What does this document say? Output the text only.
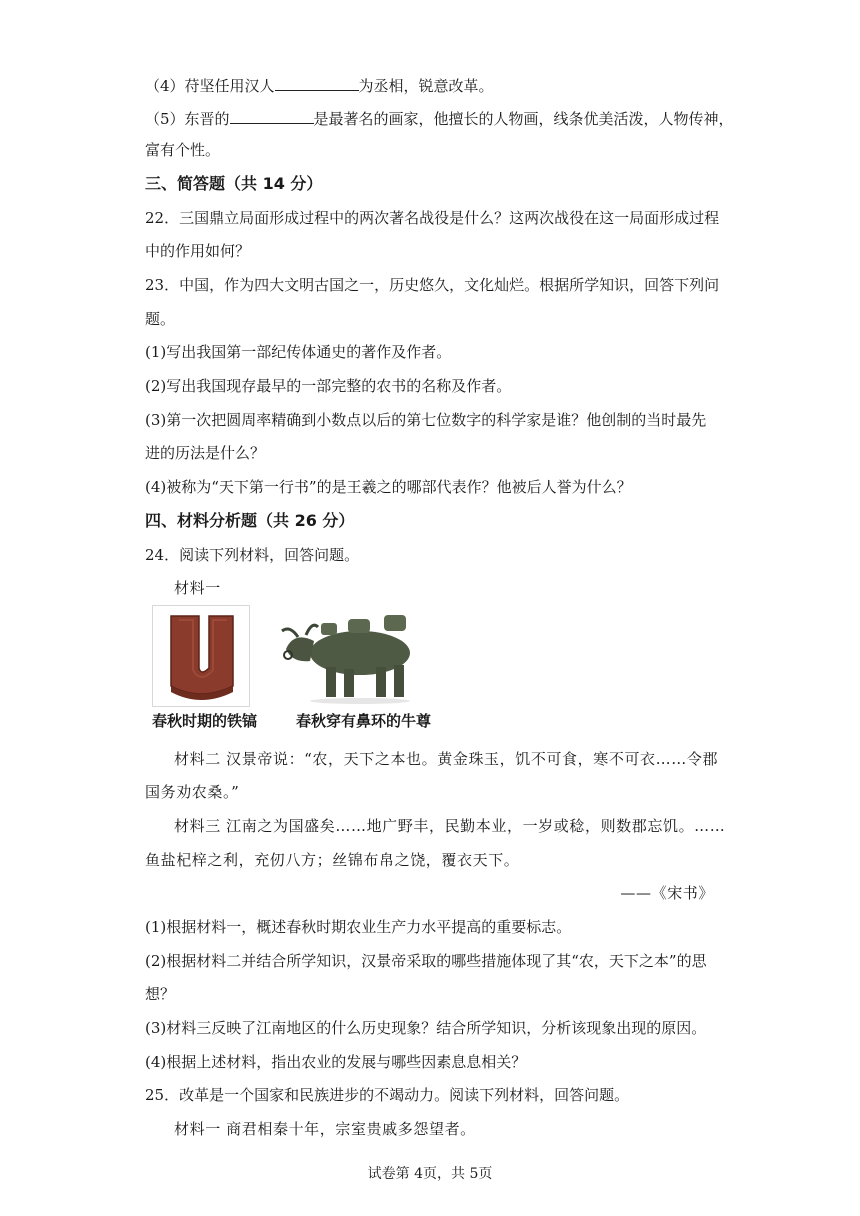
（4）苻坚任用汉人	为丞相，锐意改革。
（5）东晋的	是最著名的画家，他擅长的人物画，线条优美活泼，人物传神，
富有个性。
三、简答题（共 14 分）
22．三国鼎立局面形成过程中的两次著名战役是什么？这两次战役在这一局面形成过程
中的作用如何？
23．中国，作为四大文明古国之一，历史悠久，文化灿烂。根据所学知识，回答下列问
题。
(1)写出我国第一部纪传体通史的著作及作者。
(2)写出我国现存最早的一部完整的农书的名称及作者。
(3)第一次把圆周率精确到小数点以后的第七位数字的科学家是谁？他创制的当时最先
进的历法是什么？
(4)被称为“天下第一行书”的是王羲之的哪部代表作？他被后人誉为什么？
四、材料分析题（共 26 分）
24．阅读下列材料，回答问题。
材料一
春秋时期的铁镐	春秋穿有鼻环的牛尊
材料二 汉景帝说：“农，天下之本也。黄金珠玉，饥不可食，寒不可衣……令郡
国务劝农桑。”
材料三 江南之为国盛矣……地广野丰，民勤本业，一岁或稔，则数郡忘饥。……
鱼盐杞梓之利，充仞八方；丝锦布帛之饶，覆衣天下。
——《宋书》
(1)根据材料一，概述春秋时期农业生产力水平提高的重要标志。
(2)根据材料二并结合所学知识，汉景帝采取的哪些措施体现了其“农，天下之本”的思
想？
(3)材料三反映了江南地区的什么历史现象？结合所学知识，分析该现象出现的原因。
(4)根据上述材料，指出农业的发展与哪些因素息息相关？
25．改革是一个国家和民族进步的不竭动力。阅读下列材料，回答问题。
材料一 商君相秦十年，宗室贵戚多怨望者。
试卷第 4页，共 5页
